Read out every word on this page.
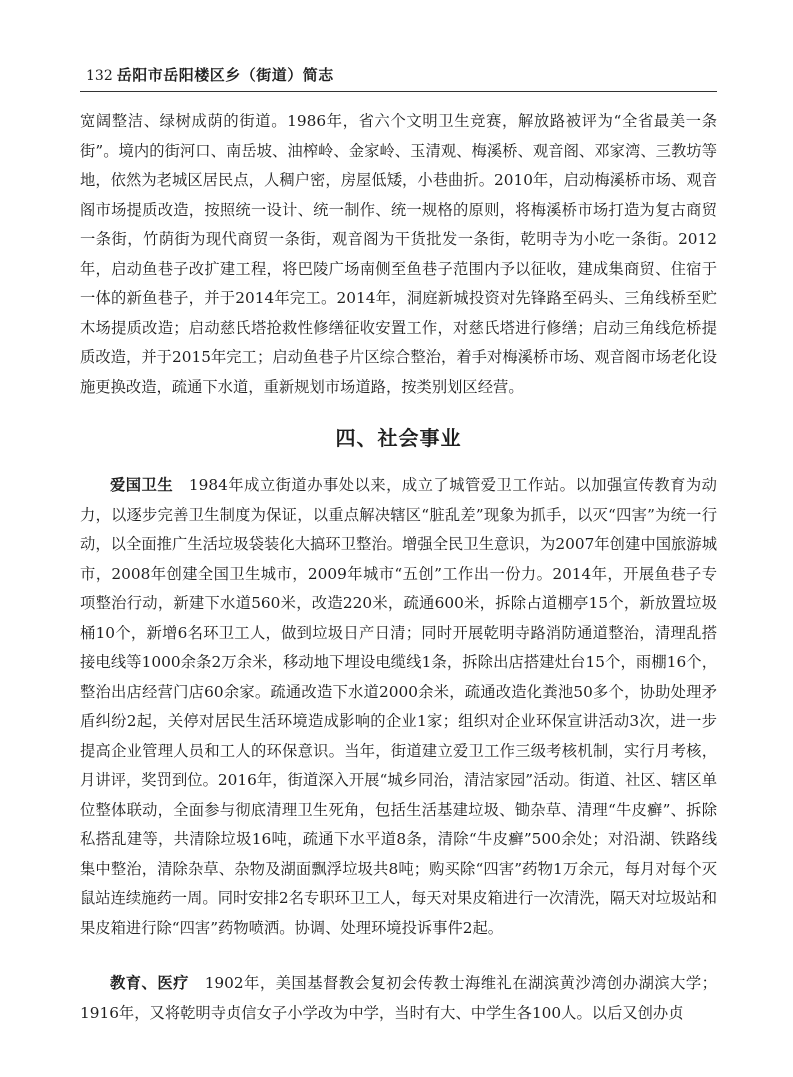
132 岳阳市岳阳楼区乡（街道）简志

宽阔整洁、绿树成荫的街道。1986年，省六个文明卫生竞赛，解放路被评为“全省最美一条街”。境内的街河口、南岳坡、油榨岭、金家岭、玉清观、梅溪桥、观音阁、邓家湾、三教坊等地，依然为老城区居民点，人稠户密，房屋低矮，小巷曲折。2010年，启动梅溪桥市场、观音阁市场提质改造，按照统一设计、统一制作、统一规格的原则，将梅溪桥市场打造为复古商贸一条街，竹荫街为现代商贸一条街，观音阁为干货批发一条街，乾明寺为小吃一条街。2012年，启动鱼巷子改扩建工程，将巴陵广场南侧至鱼巷子范围内予以征收，建成集商贸、住宿于一体的新鱼巷子，并于2014年完工。2014年，洞庭新城投资对先锋路至码头、三角线桥至贮木场提质改造；启动慈氏塔抢救性修缮征收安置工作，对慈氏塔进行修缮；启动三角线危桥提质改造，并于2015年完工；启动鱼巷子片区综合整治，着手对梅溪桥市场、观音阁市场老化设施更换改造，疏通下水道，重新规划市场道路，按类别划区经营。

四、社会事业

爱国卫生　 1984年成立街道办事处以来，成立了城管爱卫工作站。以加强宣传教育为动力，以逐步完善卫生制度为保证，以重点解决辖区“脏乱差”现象为抓手，以灭“四害”为统一行动，以全面推广生活垃圾袋装化大搞环卫整治。增强全民卫生意识，为2007年创建中国旅游城市，2008年创建全国卫生城市，2009年城市“五创”工作出一份力。2014年，开展鱼巷子专项整治行动，新建下水道560米，改造220米，疏通600米，拆除占道棚亭15个，新放置垃圾桶10个，新增6名环卫工人，做到垃圾日产日清；同时开展乾明寺路消防通道整治，清理乱搭接电线等1000余条2万余米，移动地下埋设电缆线1条，拆除出店搭建灶台15个，雨棚16个，整治出店经营门店60余家。疏通改造下水道2000余米，疏通改造化粪池50多个，协助处理矛盾纠纷2起，关停对居民生活环境造成影响的企业1家；组织对企业环保宣讲活动3次，进一步提高企业管理人员和工人的环保意识。当年，街道建立爱卫工作三级考核机制，实行月考核，月讲评，奖罚到位。2016年，街道深入开展“城乡同治，清洁家园”活动。街道、社区、辖区单位整体联动，全面参与彻底清理卫生死角，包括生活基建垃圾、锄杂草、清理“牛皮癣”、拆除私搭乱建等，共清除垃圾16吨，疏通下水平道8条，清除“牛皮癣”500余处；对沿湖、铁路线集中整治，清除杂草、杂物及湖面飘浮垃圾共8吨；购买除“四害”药物1万余元，每月对每个灭鼠站连续施药一周。同时安排2名专职环卫工人，每天对果皮箱进行一次清洗，隔天对垃圾站和果皮箱进行除“四害”药物喷洒。协调、处理环境投诉事件2起。

教育、医疗　 1902年，美国基督教会复初会传教士海维礼在湖滨黄沙湾创办湖滨大学；1916年，又将乾明寺贞信女子小学改为中学，当时有大、中学生各100人。以后又创办贞
